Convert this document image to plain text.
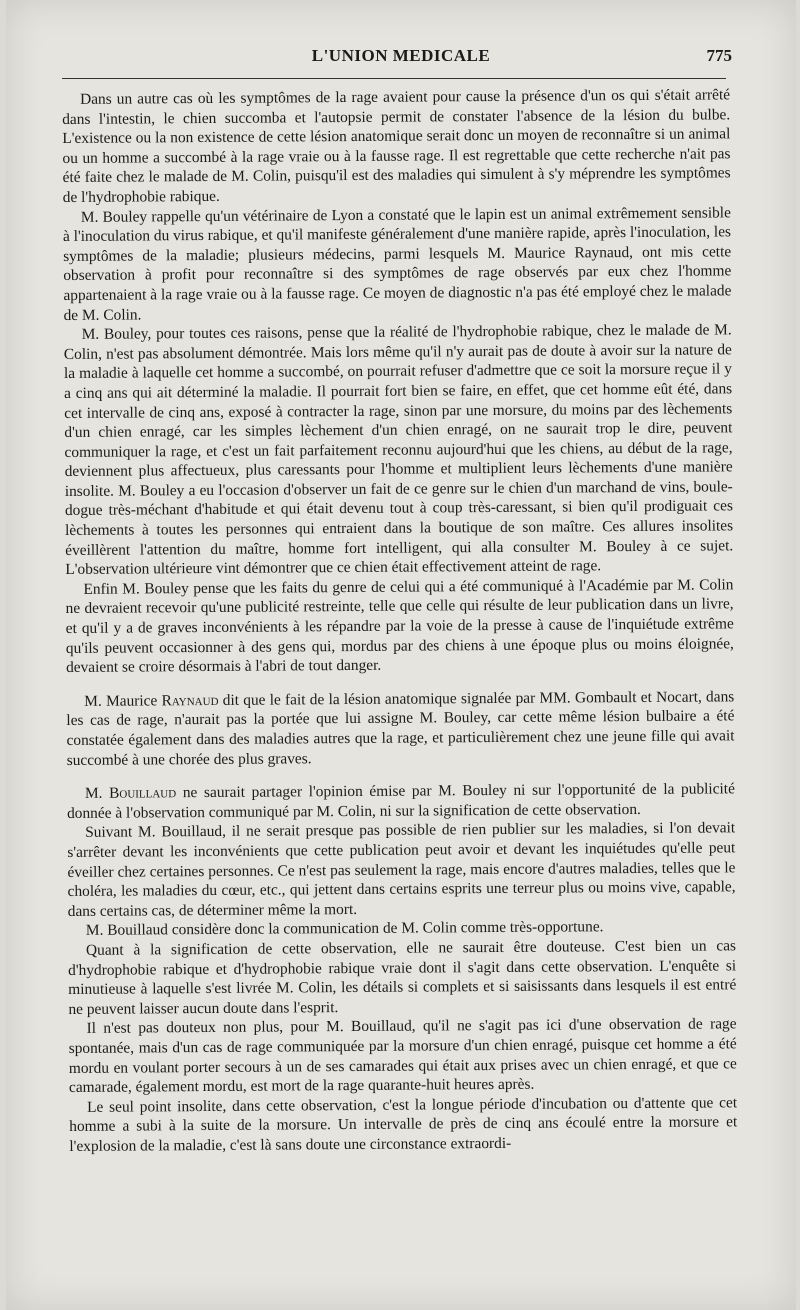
L'UNION MEDICALE	775

Dans un autre cas où les symptômes de la rage avaient pour cause la présence d'un os qui s'était arrêté dans l'intestin, le chien succomba et l'autopsie permit de constater l'absence de la lésion du bulbe. L'existence ou la non existence de cette lésion anatomique serait donc un moyen de reconnaître si un animal ou un homme a succombé à la rage vraie ou à la fausse rage. Il est regrettable que cette recherche n'ait pas été faite chez le malade de M. Colin, puisqu'il est des maladies qui simulent à s'y méprendre les symptômes de l'hydrophobie rabique.

M. Bouley rappelle qu'un vétérinaire de Lyon a constaté que le lapin est un animal extrêmement sensible à l'inoculation du virus rabique, et qu'il manifeste généralement d'une manière rapide, après l'inoculation, les symptômes de la maladie; plusieurs médecins, parmi lesquels M. Maurice Raynaud, ont mis cette observation à profit pour reconnaître si des symptômes de rage observés par eux chez l'homme appartenaient à la rage vraie ou à la fausse rage. Ce moyen de diagnostic n'a pas été employé chez le malade de M. Colin.

M. Bouley, pour toutes ces raisons, pense que la réalité de l'hydrophobie rabique, chez le malade de M. Colin, n'est pas absolument démontrée. Mais lors même qu'il n'y aurait pas de doute à avoir sur la nature de la maladie à laquelle cet homme a succombé, on pourrait refuser d'admettre que ce soit la morsure reçue il y a cinq ans qui ait déterminé la maladie. Il pourrait fort bien se faire, en effet, que cet homme eût été, dans cet intervalle de cinq ans, exposé à contracter la rage, sinon par une morsure, du moins par des lèchements d'un chien enragé, car les simples lèchement d'un chien enragé, on ne saurait trop le dire, peuvent communiquer la rage, et c'est un fait parfaitement reconnu aujourd'hui que les chiens, au début de la rage, deviennent plus affectueux, plus caressants pour l'homme et multiplient leurs lèchements d'une manière insolite. M. Bouley a eu l'occasion d'observer un fait de ce genre sur le chien d'un marchand de vins, boule-dogue très-méchant d'habitude et qui était devenu tout à coup très-caressant, si bien qu'il prodiguait ces lèchements à toutes les personnes qui entraient dans la boutique de son maître. Ces allures insolites éveillèrent l'attention du maître, homme fort intelligent, qui alla consulter M. Bouley à ce sujet. L'observation ultérieure vint démontrer que ce chien était effectivement atteint de rage.

Enfin M. Bouley pense que les faits du genre de celui qui a été communiqué à l'Académie par M. Colin ne devraient recevoir qu'une publicité restreinte, telle que celle qui résulte de leur publication dans un livre, et qu'il y a de graves inconvénients à les répandre par la voie de la presse à cause de l'inquiétude extrême qu'ils peuvent occasionner à des gens qui, mordus par des chiens à une époque plus ou moins éloignée, devaient se croire désormais à l'abri de tout danger.

M. Maurice Raynaud dit que le fait de la lésion anatomique signalée par MM. Gombault et Nocart, dans les cas de rage, n'aurait pas la portée que lui assigne M. Bouley, car cette même lésion bulbaire a été constatée également dans des maladies autres que la rage, et particulièrement chez une jeune fille qui avait succombé à une chorée des plus graves.

M. Bouillaud ne saurait partager l'opinion émise par M. Bouley ni sur l'opportunité de la publicité donnée à l'observation communiqué par M. Colin, ni sur la signification de cette observation.

Suivant M. Bouillaud, il ne serait presque pas possible de rien publier sur les maladies, si l'on devait s'arrêter devant les inconvénients que cette publication peut avoir et devant les inquiétudes qu'elle peut éveiller chez certaines personnes. Ce n'est pas seulement la rage, mais encore d'autres maladies, telles que le choléra, les maladies du cœur, etc., qui jettent dans certains esprits une terreur plus ou moins vive, capable, dans certains cas, de déterminer même la mort.

M. Bouillaud considère donc la communication de M. Colin comme très-opportune.

Quant à la signification de cette observation, elle ne saurait être douteuse. C'est bien un cas d'hydrophobie rabique et d'hydrophobie rabique vraie dont il s'agit dans cette observation. L'enquête si minutieuse à laquelle s'est livrée M. Colin, les détails si complets et si saisissants dans lesquels il est entré ne peuvent laisser aucun doute dans l'esprit.

Il n'est pas douteux non plus, pour M. Bouillaud, qu'il ne s'agit pas ici d'une observation de rage spontanée, mais d'un cas de rage communiquée par la morsure d'un chien enragé, puisque cet homme a été mordu en voulant porter secours à un de ses camarades qui était aux prises avec un chien enragé, et que ce camarade, également mordu, est mort de la rage quarante-huit heures après.

Le seul point insolite, dans cette observation, c'est la longue période d'incubation ou d'attente que cet homme a subi à la suite de la morsure. Un intervalle de près de cinq ans écoulé entre la morsure et l'explosion de la maladie, c'est là sans doute une circonstance extraordi-
